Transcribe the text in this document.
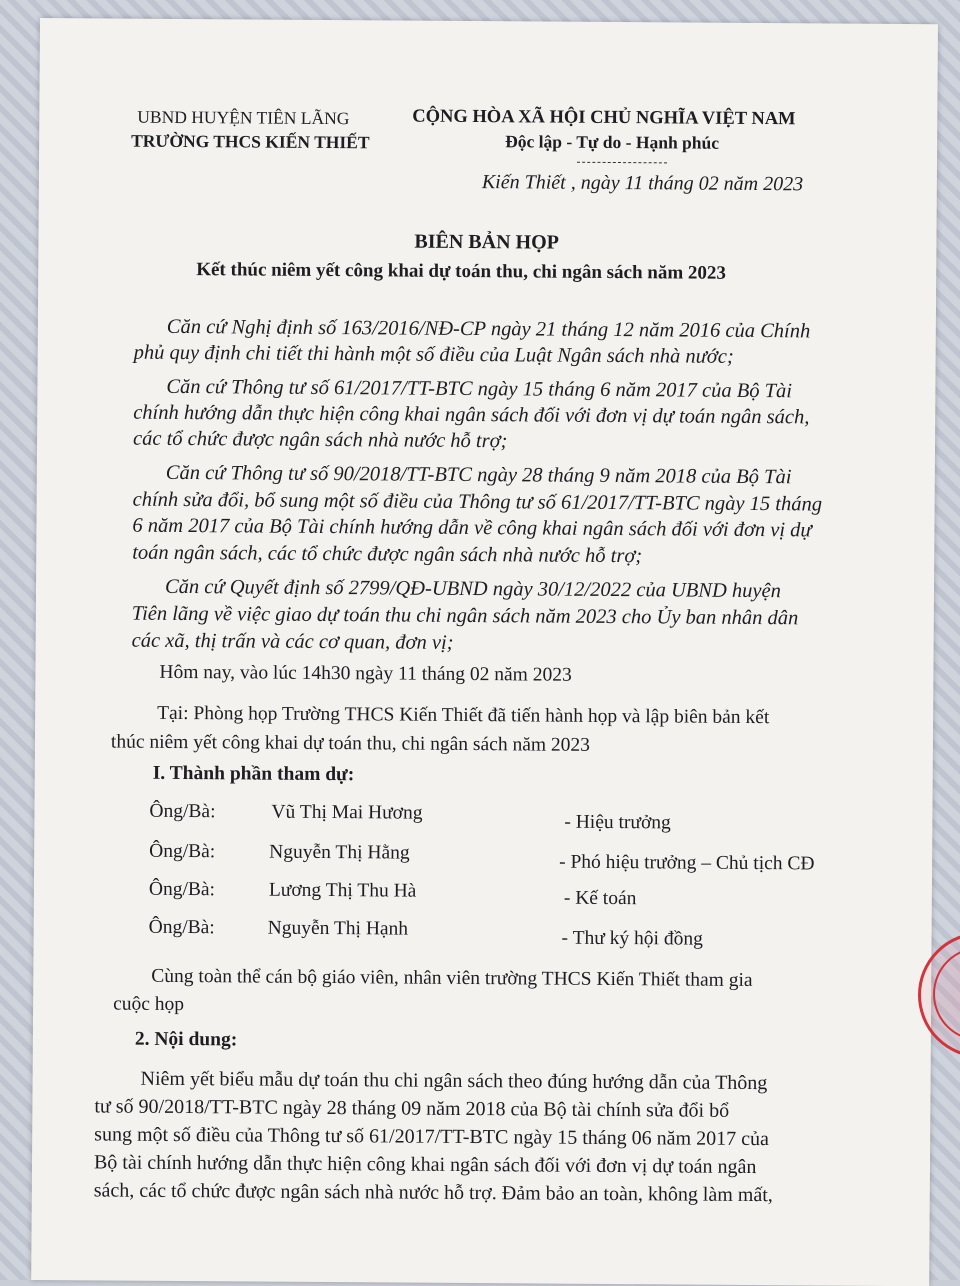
UBND HUYỆN TIÊN LÃNG
TRƯỜNG THCS KIẾN THIẾT
CỘNG HÒA XÃ HỘI CHỦ NGHĨA VIỆT NAM
Độc lập - Tự do - Hạnh phúc
Kiến Thiết , ngày 11 tháng 02 năm 2023
BIÊN BẢN HỌP
Kết thúc niêm yết công khai dự toán thu, chi ngân sách năm 2023
Căn cứ Nghị định số 163/2016/NĐ-CP ngày 21 tháng 12 năm 2016 của Chính
phủ quy định chi tiết thi hành một số điều của Luật Ngân sách nhà nước;
Căn cứ Thông tư số 61/2017/TT-BTC ngày 15 tháng 6 năm 2017 của Bộ Tài
chính hướng dẫn thực hiện công khai ngân sách đối với đơn vị dự toán ngân sách,
các tổ chức được ngân sách nhà nước hỗ trợ;
Căn cứ Thông tư số 90/2018/TT-BTC ngày 28 tháng 9 năm 2018 của Bộ Tài
chính sửa đổi, bổ sung một số điều của Thông tư số 61/2017/TT-BTC ngày 15 tháng
6 năm 2017 của Bộ Tài chính hướng dẫn về công khai ngân sách đối với đơn vị dự
toán ngân sách, các tổ chức được ngân sách nhà nước hỗ trợ;
Căn cứ Quyết định số 2799/QĐ-UBND ngày 30/12/2022 của UBND huyện
Tiên lãng về việc giao dự toán thu chi ngân sách năm 2023 cho Ủy ban nhân dân
các xã, thị trấn và các cơ quan, đơn vị;
Hôm nay, vào lúc 14h30 ngày 11 tháng 02 năm 2023
Tại: Phòng họp Trường THCS Kiến Thiết đã tiến hành họp và lập biên bản kết
thúc niêm yết công khai dự toán thu, chi ngân sách năm 2023
I. Thành phần tham dự:
Ông/Bà:	Vũ Thị Mai Hương	- Hiệu trưởng
Ông/Bà:	Nguyễn Thị Hằng	- Phó hiệu trưởng – Chủ tịch CĐ
Ông/Bà:	Lương Thị Thu Hà	- Kế toán
Ông/Bà:	Nguyễn Thị Hạnh	- Thư ký hội đồng
Cùng toàn thể cán bộ giáo viên, nhân viên trường THCS Kiến Thiết tham gia
cuộc họp
2. Nội dung:
Niêm yết biểu mẫu dự toán thu chi ngân sách theo đúng hướng dẫn của Thông
tư số 90/2018/TT-BTC ngày 28 tháng 09 năm 2018 của Bộ tài chính sửa đổi bổ
sung một số điều của Thông tư số 61/2017/TT-BTC ngày 15 tháng 06 năm 2017 của
Bộ tài chính hướng dẫn thực hiện công khai ngân sách đối với đơn vị dự toán ngân
sách, các tổ chức được ngân sách nhà nước hỗ trợ. Đảm bảo an toàn, không làm mất,
